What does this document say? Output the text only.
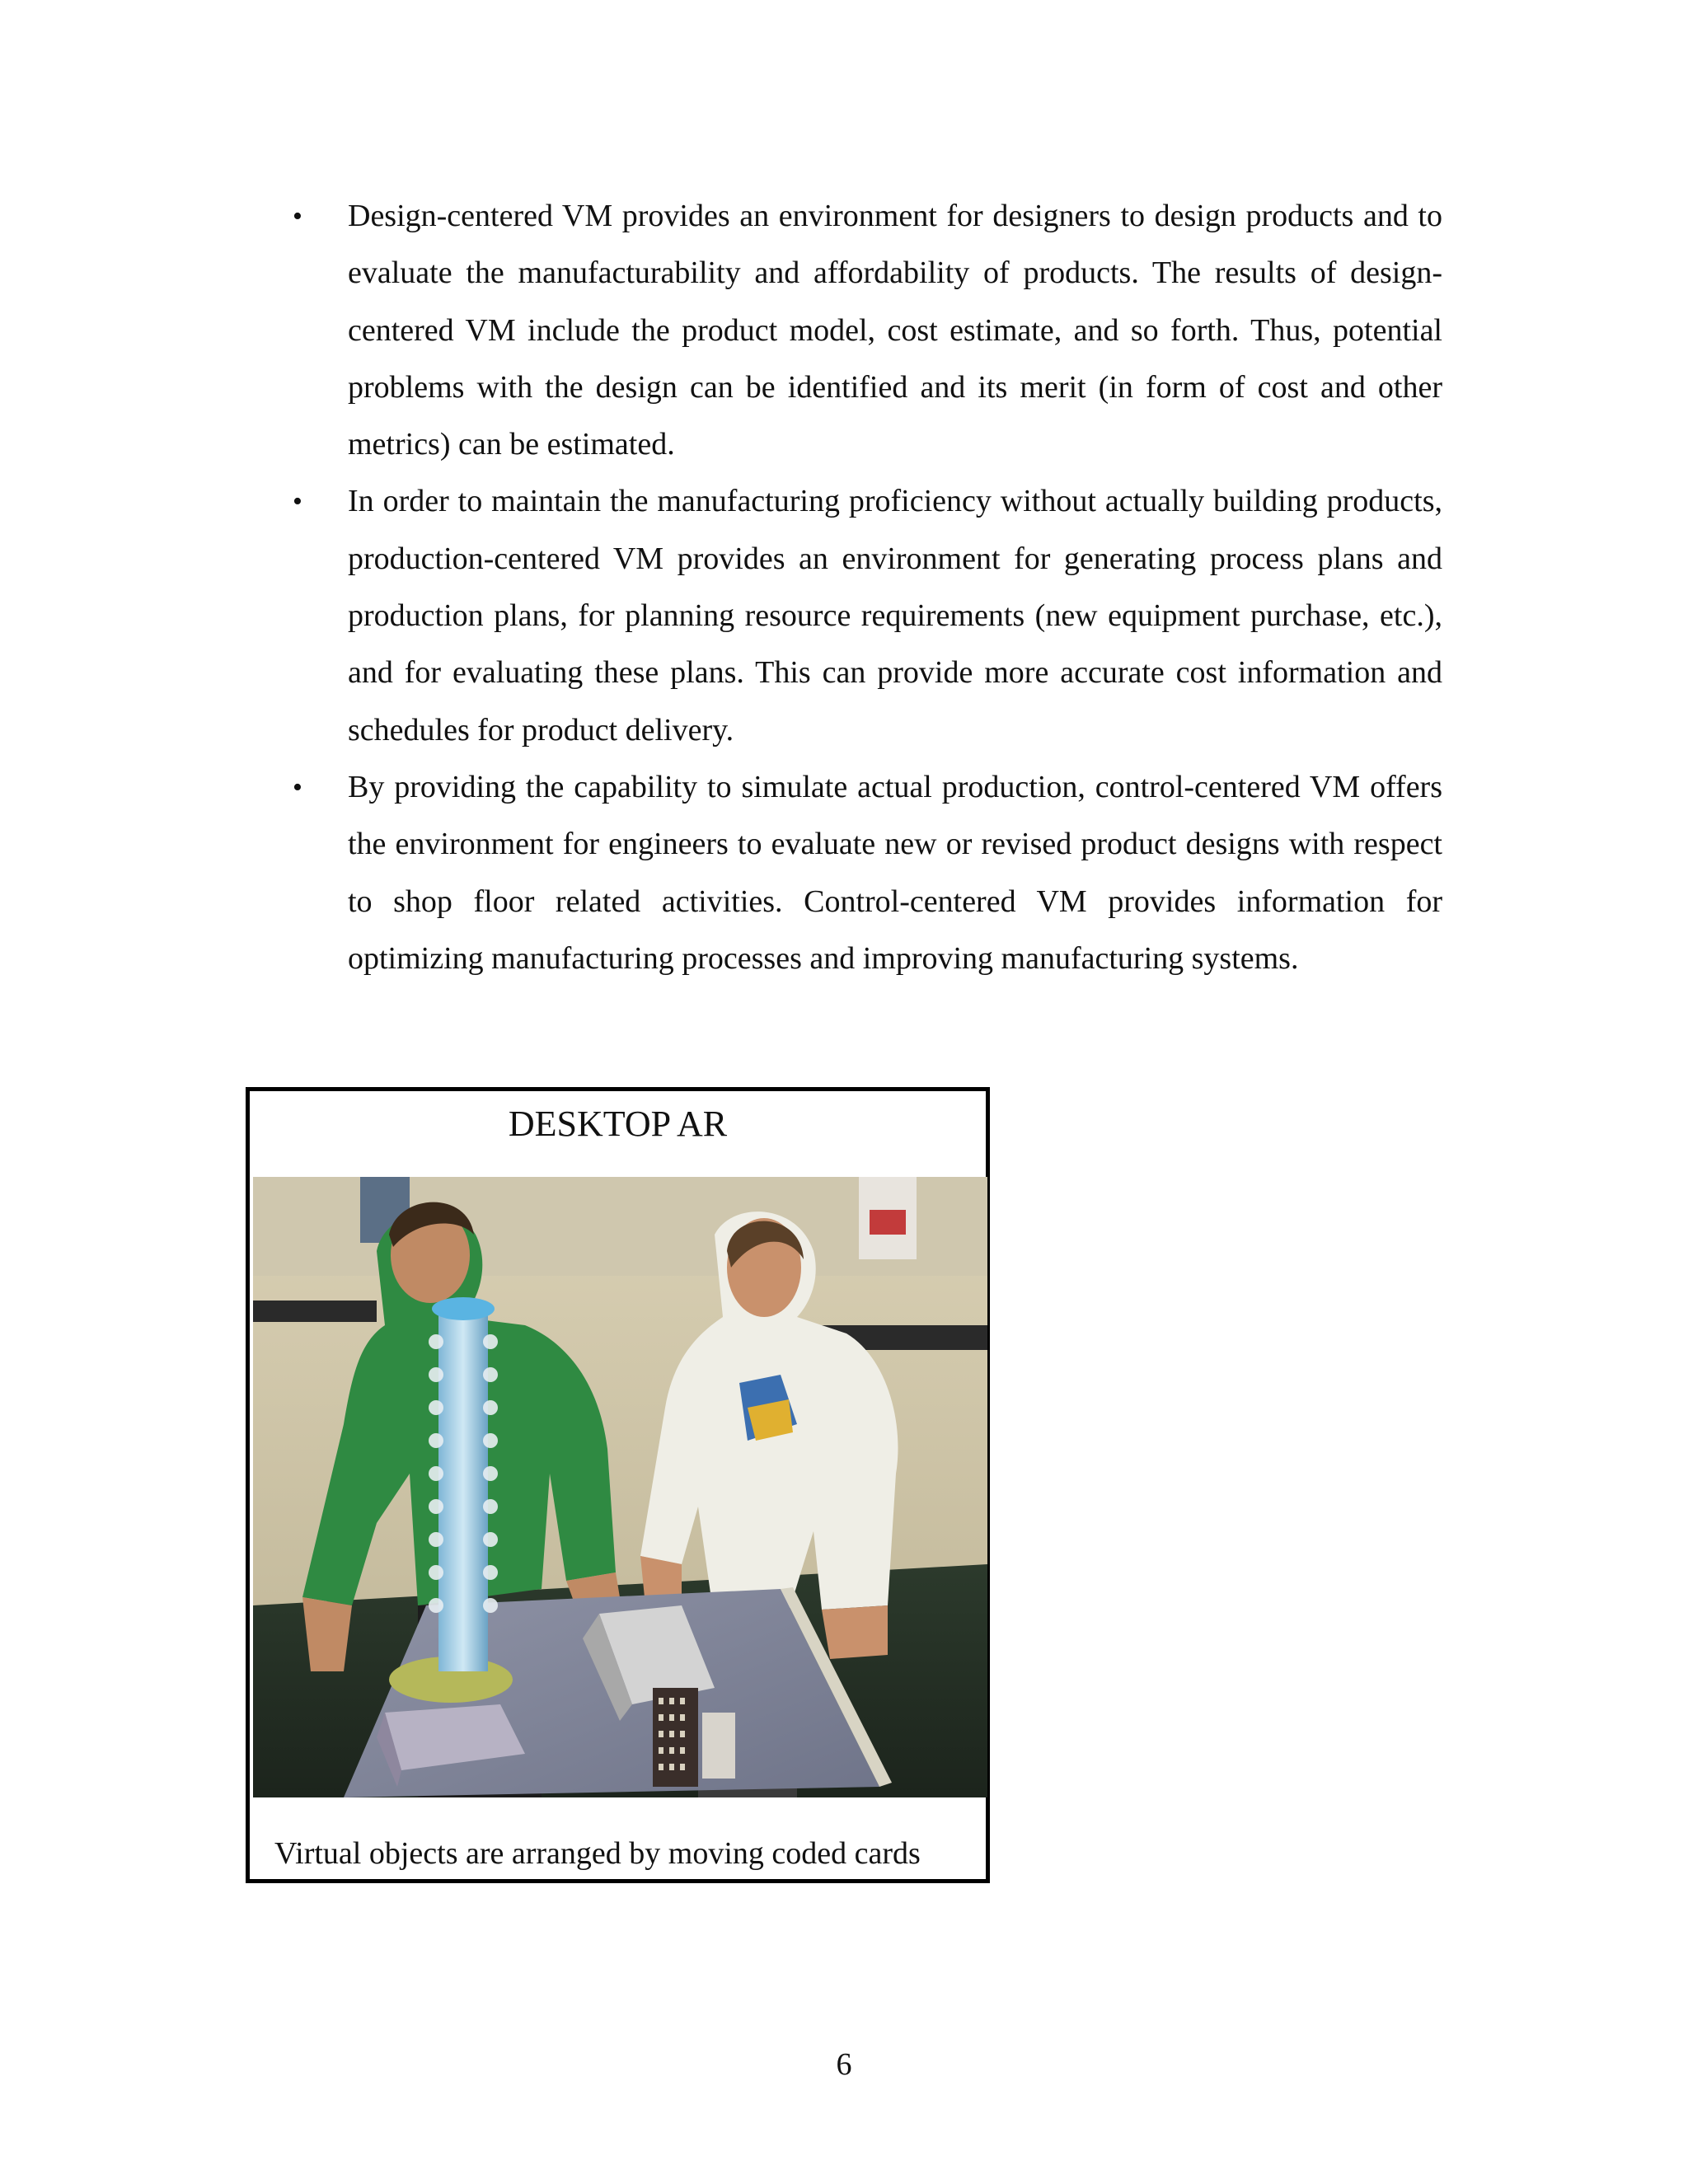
•	Design-centered VM provides an environment for designers to design products and to evaluate the manufacturability and affordability of products. The results of design-centered VM include the product model, cost estimate, and so forth. Thus, potential problems with the design can be identified and its merit (in form of cost and other metrics) can be estimated.
•	In order to maintain the manufacturing proficiency without actually building products, production-centered VM provides an environment for generating process plans and production plans, for planning resource requirements (new equipment purchase, etc.), and for evaluating these plans. This can provide more accurate cost information and schedules for product delivery.
•	By providing the capability to simulate actual production, control-centered VM offers the environment for engineers to evaluate new or revised product designs with respect to shop floor related activities. Control-centered VM provides information for optimizing manufacturing processes and improving manufacturing systems.
DESKTOP AR
Virtual objects are arranged by moving coded cards
6
